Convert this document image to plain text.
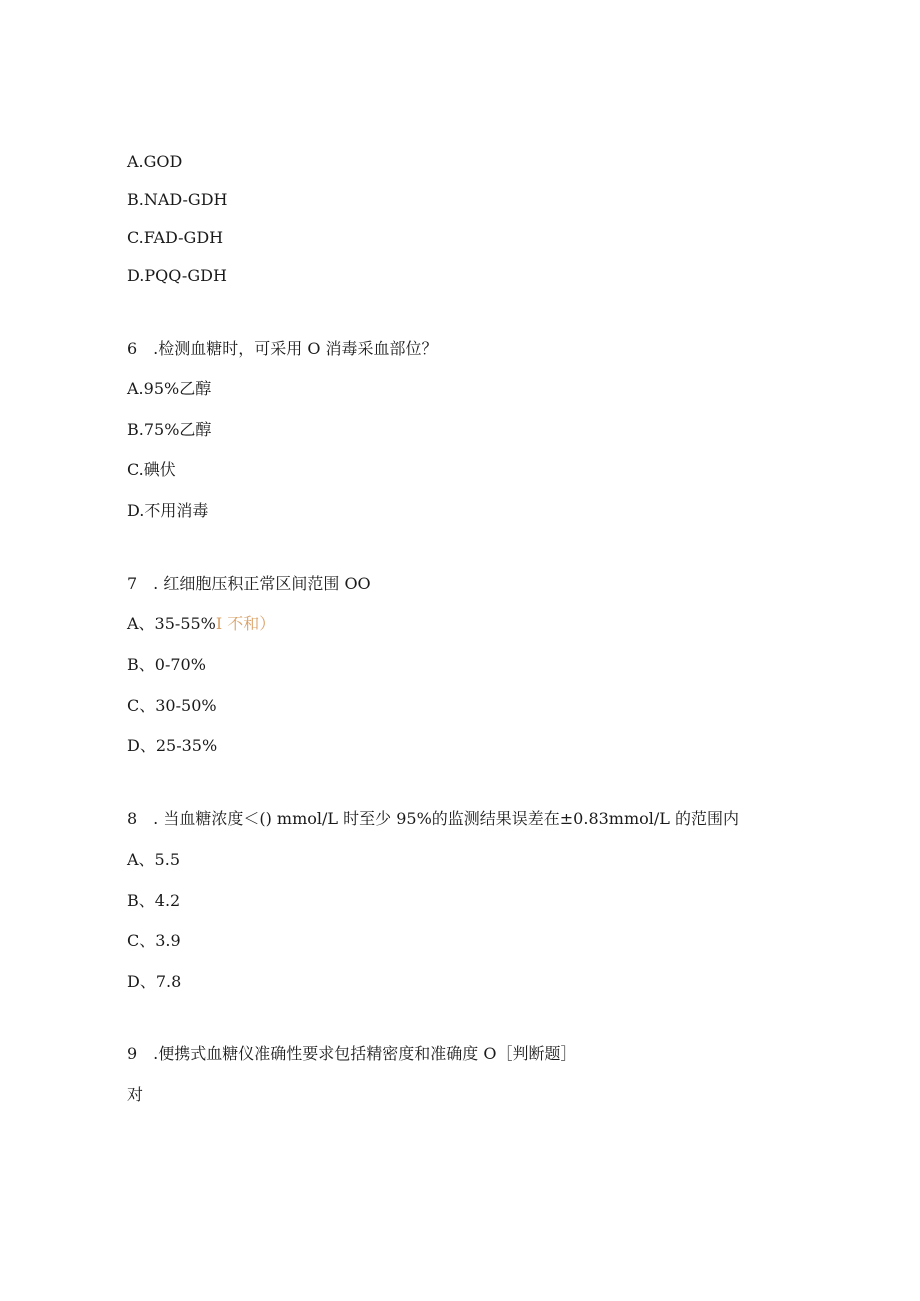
A.GOD
B.NAD-GDH
C.FAD-GDH
D.PQQ-GDH
6　.检测血糖时，可采用 O 消毒采血部位？
A.95%乙醇
B.75%乙醇
C.碘伏
D.不用消毒
7　. 红细胞压积正常区间范围 OO
A、35-55%I 不和）
B、0-70%
C、30-50%
D、25-35%
8　. 当血糖浓度＜() mmol/L 时至少 95%的监测结果误差在±0.83mmol/L 的范围内
A、5.5
B、4.2
C、3.9
D、7.8
9　.便携式血糖仪准确性要求包括精密度和准确度 O［判断题］
对
